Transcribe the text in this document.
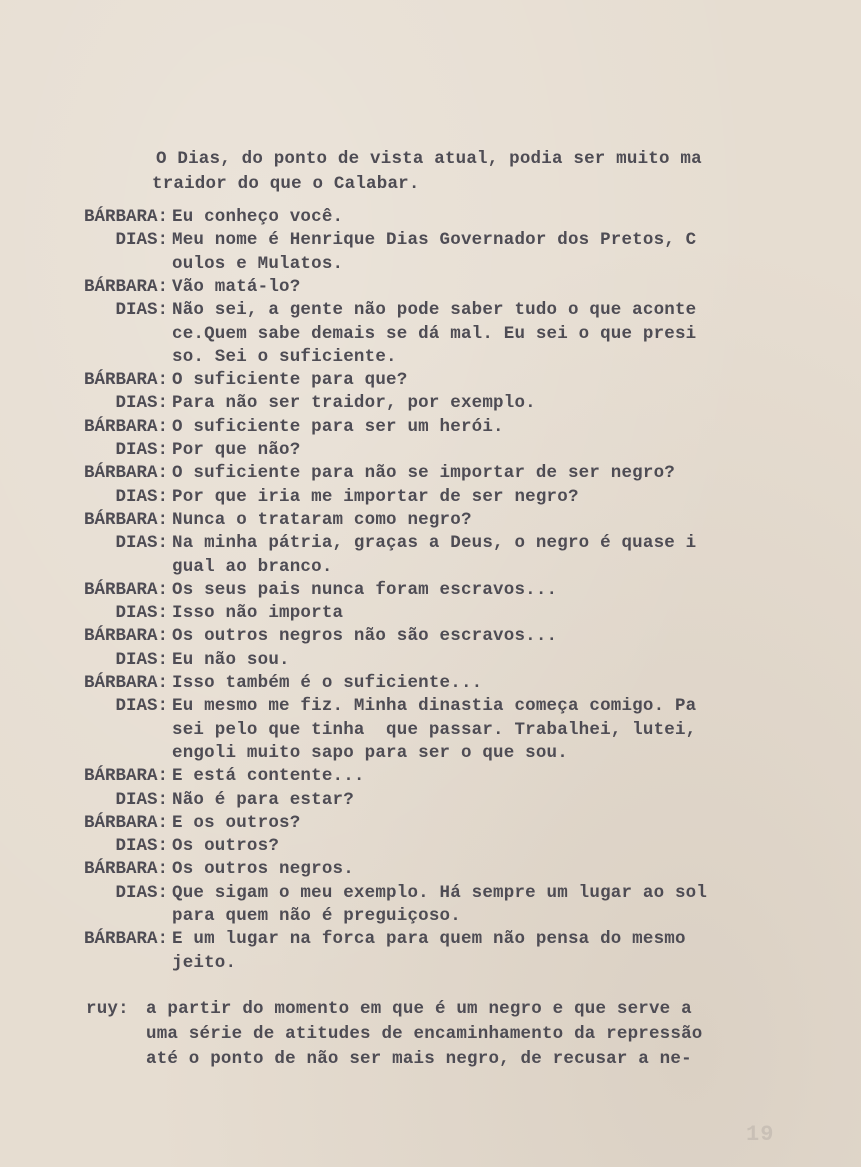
O Dias, do ponto de vista atual, podia ser muito ma
traidor do que o Calabar.
BÁRBARA: Eu conheço você.
DIAS: Meu nome é Henrique Dias Governador dos Pretos, C
oulos e Mulatos.
BÁRBARA: Vão matá-lo?
DIAS: Não sei, a gente não pode saber tudo o que aconte
ce.Quem sabe demais se dá mal. Eu sei o que presi
so. Sei o suficiente.
BÁRBARA: O suficiente para que?
DIAS: Para não ser traidor, por exemplo.
BÁRBARA: O suficiente para ser um herói.
DIAS: Por que não?
BÁRBARA: O suficiente para não se importar de ser negro?
DIAS: Por que iria me importar de ser negro?
BÁRBARA: Nunca o trataram como negro?
DIAS: Na minha pátria, graças a Deus, o negro é quase i
gual ao branco.
BÁRBARA: Os seus pais nunca foram escravos...
DIAS: Isso não importa
BÁRBARA: Os outros negros não são escravos...
DIAS: Eu não sou.
BÁRBARA: Isso também é o suficiente...
DIAS: Eu mesmo me fiz. Minha dinastia começa comigo. Pa
sei pelo que tinha  que passar. Trabalhei, lutei,
engoli muito sapo para ser o que sou.
BÁRBARA: E está contente...
DIAS: Não é para estar?
BÁRBARA: E os outros?
DIAS: Os outros?
BÁRBARA: Os outros negros.
DIAS: Que sigam o meu exemplo. Há sempre um lugar ao sol
para quem não é preguiçoso.
BÁRBARA: E um lugar na forca para quem não pensa do mesmo
jeito.
ruy: a partir do momento em que é um negro e que serve a
uma série de atitudes de encaminhamento da repressão
até o ponto de não ser mais negro, de recusar a ne-
19
